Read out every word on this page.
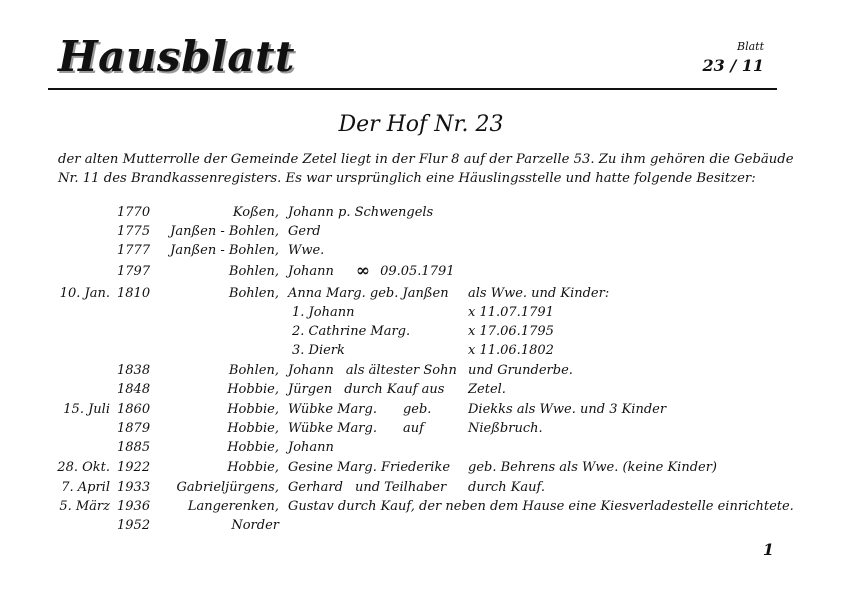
Hausblatt	Blatt
23 / 11
Der Hof Nr. 23

der alten Mutterrolle der Gemeinde Zetel liegt in der Flur 8 auf der Parzelle 53. Zu ihm gehören die Gebäude

Nr. 11 des Brandkassenregisters. Es war ursprünglich eine Häuslingsstelle und hatte folgende Besitzer:

1770	Koßen, Johann p. Schwengels
1775 Janßen - Bohlen, Gerd
1777 Janßen - Bohlen, Wwe.
1797	Bohlen, Johann ∞ 09.05.1791
10. Jan. 1810	Bohlen, Anna Marg. geb. Janßen als Wwe. und Kinder:
1. Johann	x 11.07.1791
2. Cathrine Marg.	x 17.06.1795
3. Dierk	x 11.06.1802
1838	Bohlen, Johann als ältester Sohn und Grunderbe.
1848	Hobbie, Jürgen durch Kauf aus Zetel.
15. Juli 1860	Hobbie, Wübke Marg. geb.	Diekks als Wwe. und 3 Kinder
1879	Hobbie, Wübke Marg. auf	Nießbruch.
1885	Hobbie, Johann
28. Okt. 1922	Hobbie, Gesine Marg. Friederike geb. Behrens als Wwe. (keine Kinder)
7. April 1933 Gabrieljürgens, Gerhard und Teilhaber durch Kauf.
5. März 1936	Langerenken, Gustav durch Kauf, der neben dem Hause eine Kiesverladestelle einrichtete.
1952	Norder
1
